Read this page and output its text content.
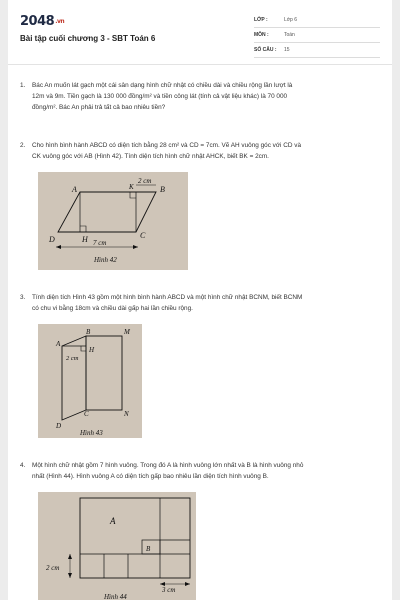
2048.vn
Bài tập cuối chương 3 - SBT Toán 6
LỚP :	Lớp 6
MÔN :	Toán
SỐ CÂU : 15
1. Bác An muốn lát gạch một cái sân dạng hình chữ nhật có chiều dài và chiều rộng lần lượt là
12m và 9m. Tiền gạch là 130 000 đồng/m² và tiền công lát (tính cả vật liệu khác) là 70 000
đồng/m². Bác An phải trả tất cả bao nhiêu tiền?
2. Cho hình bình hành ABCD có diện tích bằng 28 cm² và CD = 7cm. Vẽ AH vuông góc với CD và
CK vuông góc với AB (Hình 42). Tính diện tích hình chữ nhật AHCK, biết BK = 2cm.
A	B
C
D	H
K
2 cm
7 cm
Hình 42
3. Tính diện tích Hình 43 gồm một hình bình hành ABCD và một hình chữ nhật BCNM, biết BCNM
có chu vi bằng 18cm và chiều dài gấp hai lần chiều rộng.
B	M
A
H
2 cm
C	N
D
Hình 43
4. Một hình chữ nhật gồm 7 hình vuông. Trong đó A là hình vuông lớn nhất và B là hình vuông nhỏ
nhất (Hình 44). Hình vuông A có diện tích gấp bao nhiêu lần diện tích hình vuông B.
A
B
2 cm
3 cm
Hình 44
